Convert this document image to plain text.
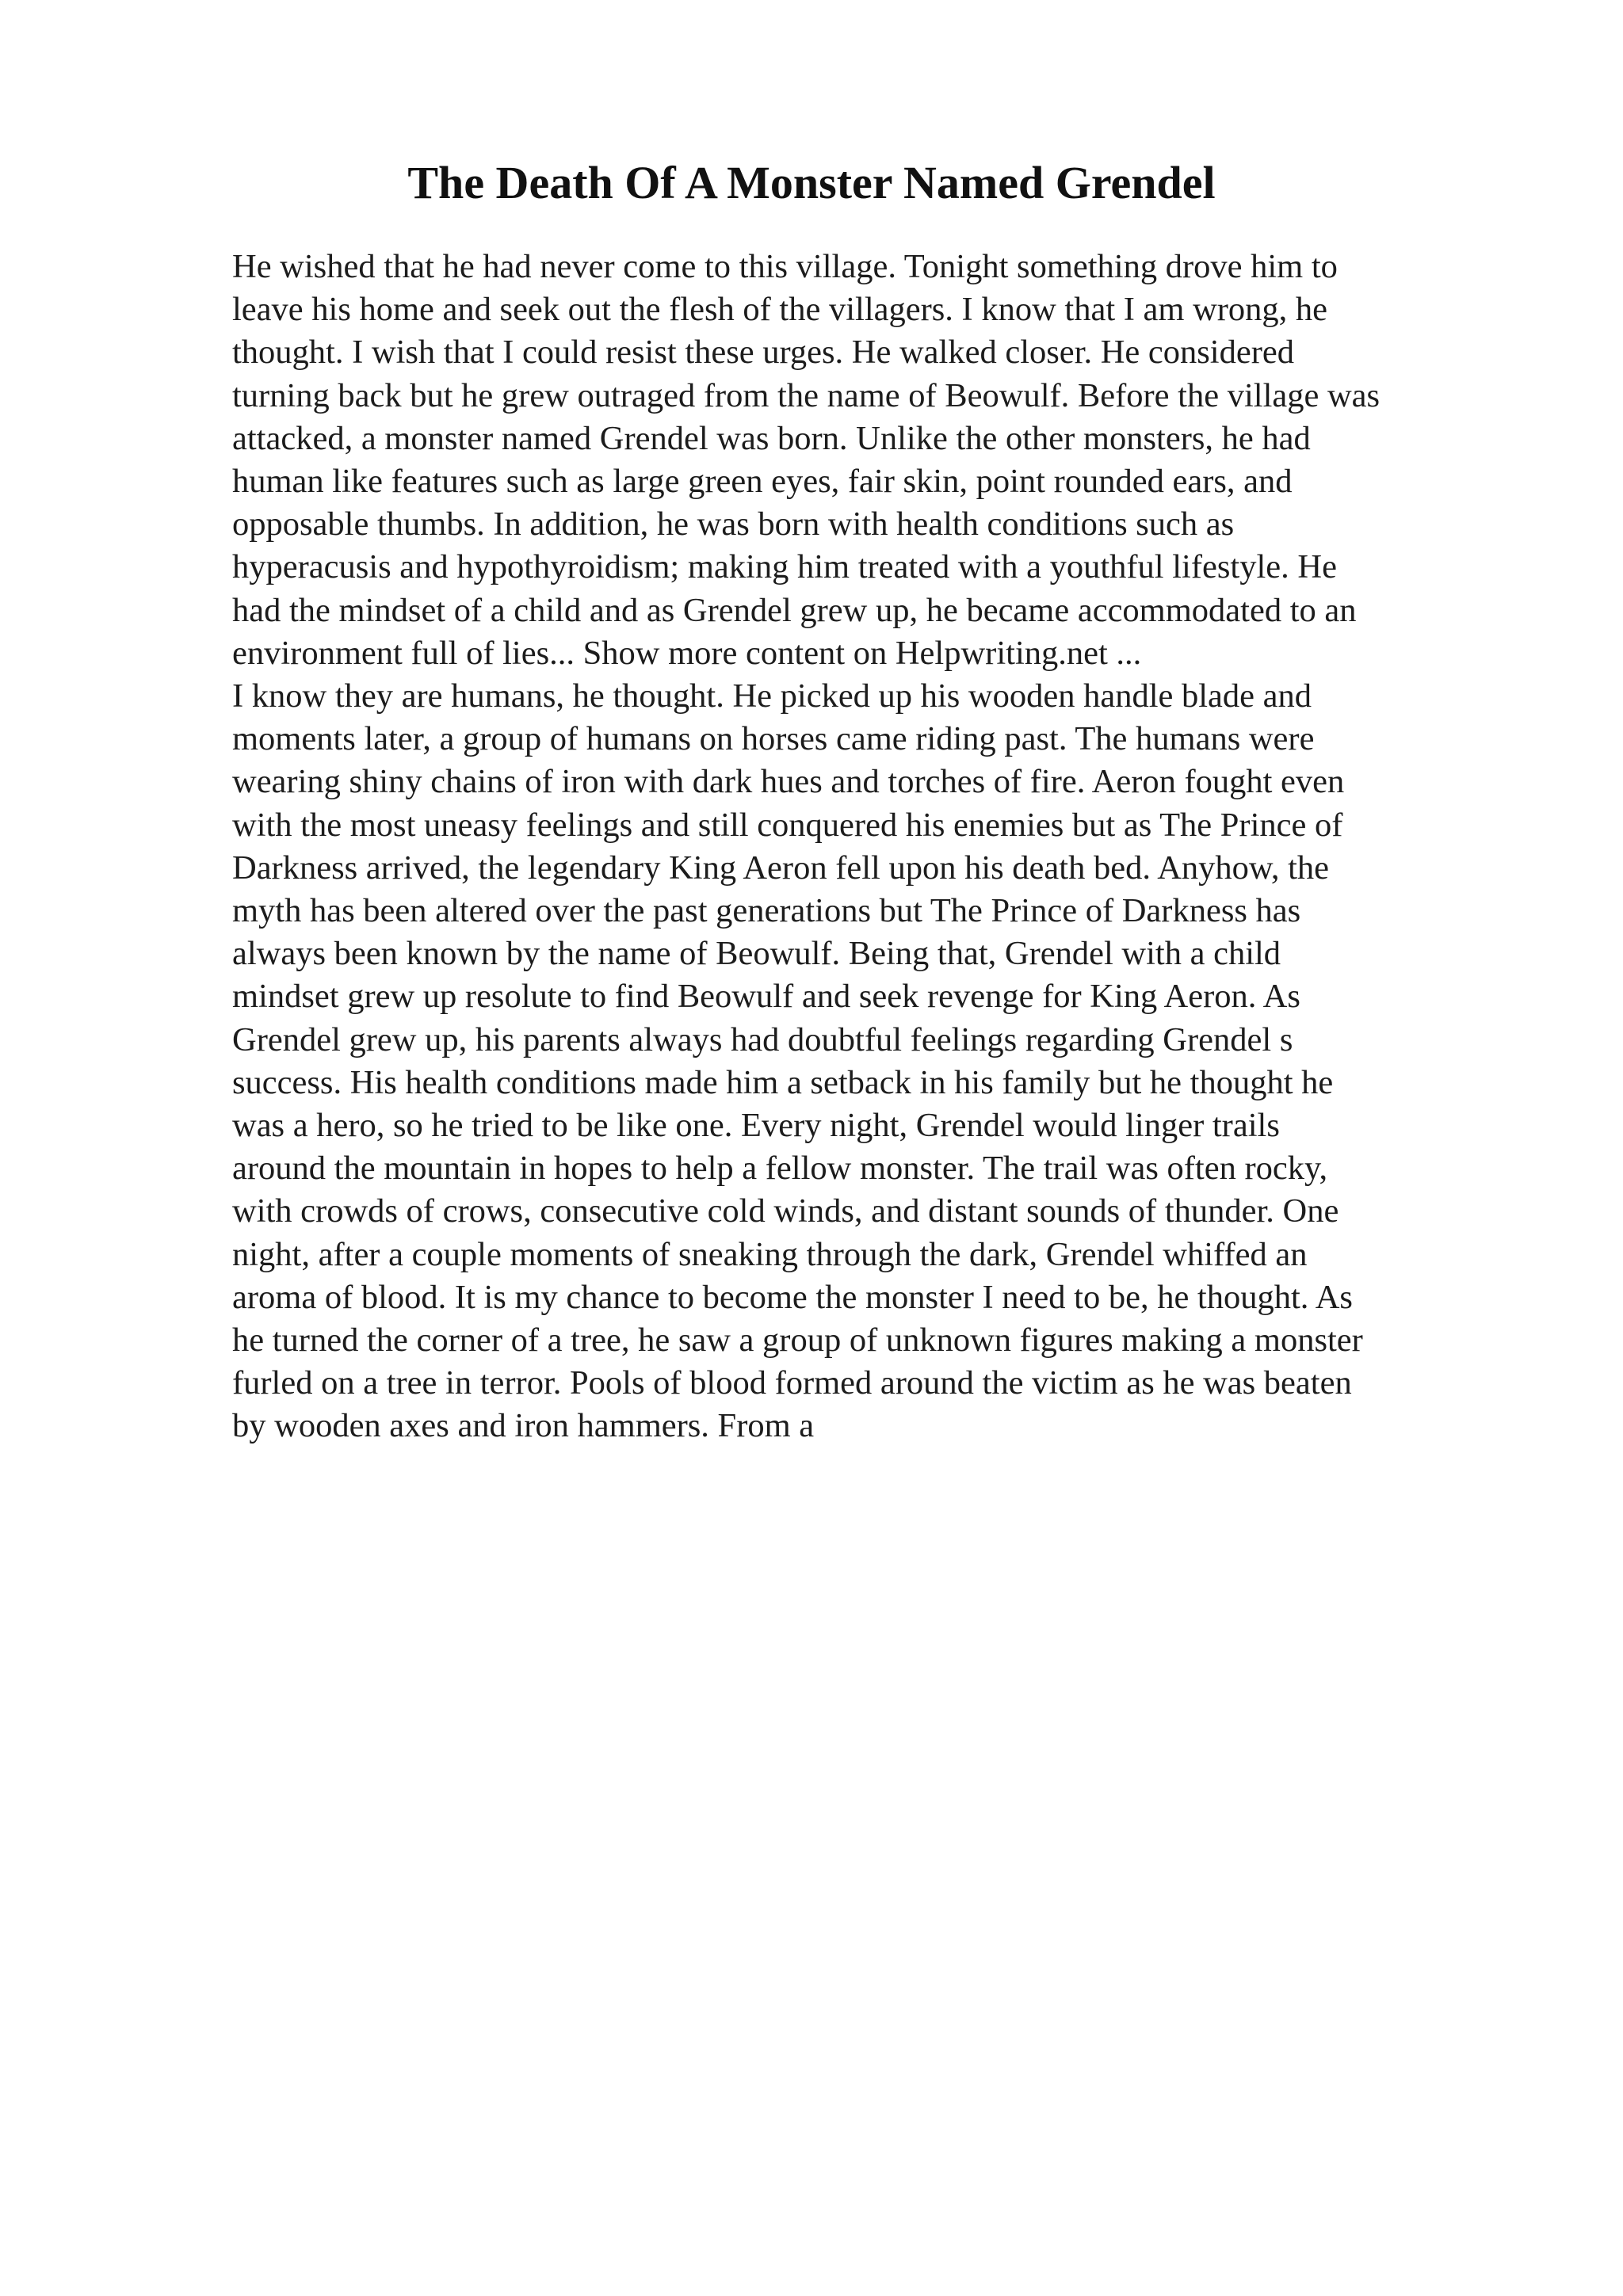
The Death Of A Monster Named Grendel
He wished that he had never come to this village. Tonight something drove him to
leave his home and seek out the flesh of the villagers. I know that I am wrong, he
thought. I wish that I could resist these urges. He walked closer. He considered
turning back but he grew outraged from the name of Beowulf. Before the village was
attacked, a monster named Grendel was born. Unlike the other monsters, he had
human like features such as large green eyes, fair skin, point rounded ears, and
opposable thumbs. In addition, he was born with health conditions such as
hyperacusis and hypothyroidism; making him treated with a youthful lifestyle. He
had the mindset of a child and as Grendel grew up, he became accommodated to an
environment full of lies... Show more content on Helpwriting.net ...
I know they are humans, he thought. He picked up his wooden handle blade and
moments later, a group of humans on horses came riding past. The humans were
wearing shiny chains of iron with dark hues and torches of fire. Aeron fought even
with the most uneasy feelings and still conquered his enemies but as The Prince of
Darkness arrived, the legendary King Aeron fell upon his death bed. Anyhow, the
myth has been altered over the past generations but The Prince of Darkness has
always been known by the name of Beowulf. Being that, Grendel with a child
mindset grew up resolute to find Beowulf and seek revenge for King Aeron. As
Grendel grew up, his parents always had doubtful feelings regarding Grendel s
success. His health conditions made him a setback in his family but he thought he
was a hero, so he tried to be like one. Every night, Grendel would linger trails
around the mountain in hopes to help a fellow monster. The trail was often rocky,
with crowds of crows, consecutive cold winds, and distant sounds of thunder. One
night, after a couple moments of sneaking through the dark, Grendel whiffed an
aroma of blood. It is my chance to become the monster I need to be, he thought. As
he turned the corner of a tree, he saw a group of unknown figures making a monster
furled on a tree in terror. Pools of blood formed around the victim as he was beaten
by wooden axes and iron hammers. From a
